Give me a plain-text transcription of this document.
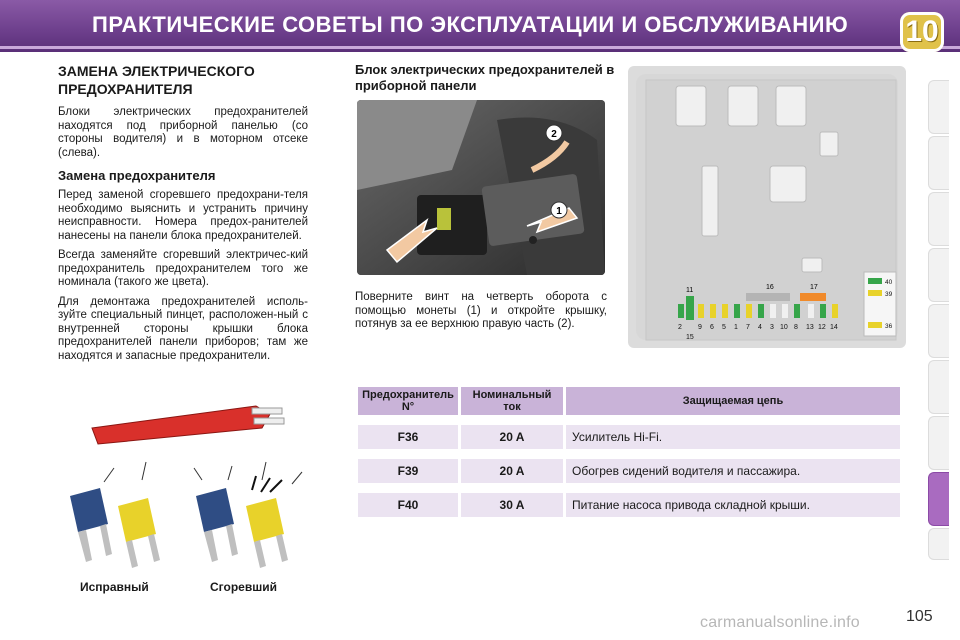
ПРАКТИЧЕСКИЕ СОВЕТЫ ПО ЭКСПЛУАТАЦИИ И ОБСЛУЖИВАНИЮ 10
ЗАМЕНА ЭЛЕКТРИЧЕСКОГО ПРЕДОХРАНИТЕЛЯ

Блоки электрических предохранителей находятся под приборной панелью (со стороны водителя) и в моторном отсеке (слева).

Замена предохранителя

Перед заменой сгоревшего предохрани-теля необходимо выяснить и устранить причину неисправности. Номера предох-ранителей нанесены на панели блока предохранителей.

Всегда заменяйте сгоревший электричес-кий предохранитель предохранителем того же номинала (такого же цвета).

Для демонтажа предохранителей исполь-зуйте специальный пинцет, расположен-ный с внутренней стороны крышки блока предохранителей панели приборов; там же находятся и запасные предохранители.

Блок электрических предохранителей в приборной панели
1
2
Поверните винт на четверть оборота с помощью монеты (1) и откройте крышку, потянув за ее верхнюю правую часть (2).
11	16	17
2 9 6 5 1 7 4 3 10 8 13 12 14
15
40
39
36
Исправный	Сгоревший
Предохранитель N°	Номинальный ток	Защищаемая цепь

F36	20 A	Усилитель Hi-Fi.

F39	20 A	Обогрев сидений водителя и пассажира.

F40	30 A	Питание насоса привода складной крыши.
carmanualsonline.info	105
